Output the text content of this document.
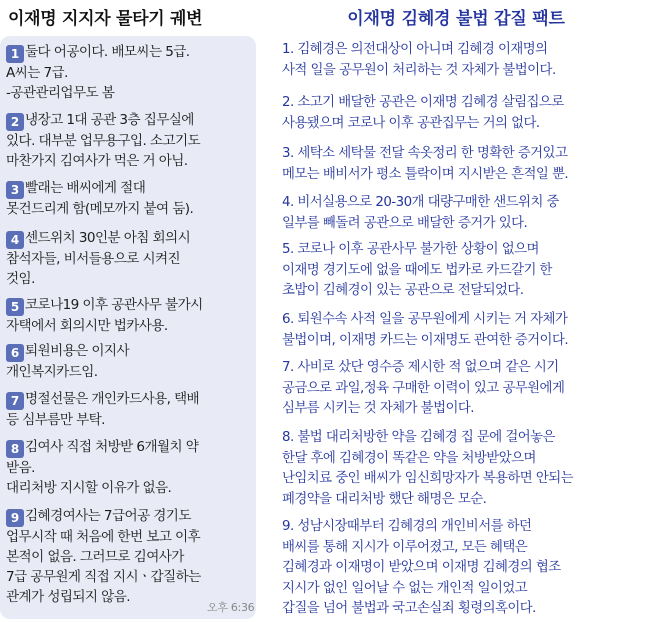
이재명 지지자 물타기 궤변
1 둘다 어공이다. 배모씨는 5급.
A씨는 7급.
-공관관리업무도 봄
2 냉장고 1대 공관 3층 집무실에
있다. 대부분 업무용구입. 소고기도
마찬가지 김여사가 먹은 거 아님.
3 빨래는 배씨에게 절대
못건드리게 함(메모까지 붙여 둠).
4 센드위치 30인분 아침 회의시
참석자들, 비서들용으로 시켜진
것임.
5 코로나19 이후 공관사무 불가시
자택에서 회의시만 법카사용.
6 퇴원비용은 이지사
개인복지카드임.
7 명절선물은 개인카드사용, 택배
등 심부름만 부탁.
8 김여사 직접 처방받 6개월치 약
받음.
대리처방 지시할 이유가 없음.
9 김혜경여사는 7급어공 경기도
업무시작 때 처음에 한번 보고 이후
본적이 없음. 그러므로 김여사가
7급 공무원게 직접 지시ㆍ갑질하는
관계가 성립되지 않음.
오후 6:36
이재명 김혜경 불법 갑질 팩트
1. 김혜경은 의전대상이 아니며 김혜경 이재명의
사적 일을 공무원이 처리하는 것 자체가 불법이다.
2. 소고기 배달한 공관은 이재명 김혜경 살림집으로
사용됐으며 코로나 이후 공관집무는 거의 없다.
3. 세탁소 세탁물 전달 속옷정리 한 명확한 증거있고
메모는 배비서가 평소 틀락이며 지시받은 흔적일 뿐.
4. 비서실용으로 20-30개 대량구매한 샌드위치 중
일부를 빼돌려 공관으로 배달한 증거가 있다.
5. 코로나 이후 공관사무 불가한 상황이 없으며
이재명 경기도에 없을 때에도 법카로 카드갈기 한
초밥이 김혜경이 있는 공관으로 전달되었다.
6. 퇴원수속 사적 일을 공무원에게 시키는 거 자체가
불법이며, 이재명 카드는 이재명도 관여한 증거이다.
7. 사비로 샀단 영수증 제시한 적 없으며 같은 시기
공금으로 과일,정육 구매한 이력이 있고 공무원에게
심부름 시키는 것 자체가 불법이다.
8. 불법 대리처방한 약을 김혜경 집 문에 걸어놓은
한달 후에 김혜경이 똑같은 약을 처방받았으며
난임치료 중인 배씨가 임신희망자가 복용하면 안되는
폐경약을 대리처방 했단 해명은 모순.
9. 성남시장때부터 김혜경의 개인비서를 하던
배씨를 통해 지시가 이루어졌고, 모든 혜택은
김혜경과 이재명이 받았으며 이재명 김혜경의 협조
지시가 없인 일어날 수 없는 개인적 일이었고
갑질을 넘어 불법과 국고손실죄 횡령의혹이다.
